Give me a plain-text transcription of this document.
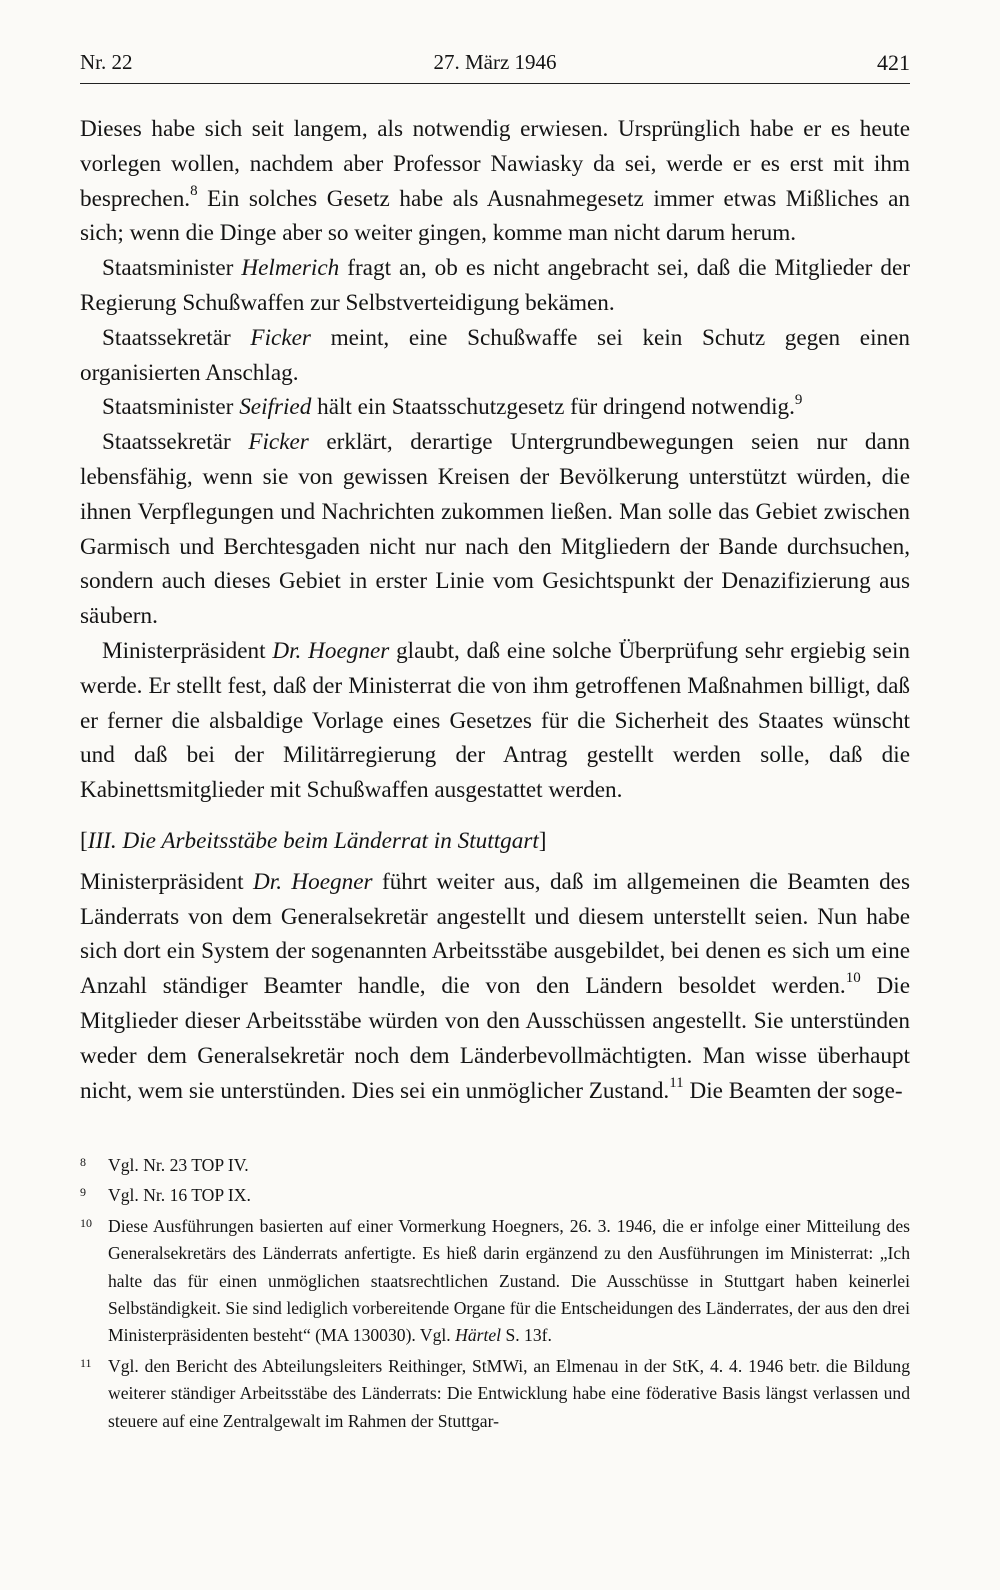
Nr. 22	27. März 1946	421

Dieses habe sich seit langem, als notwendig erwiesen. Ursprünglich habe er es heute vorlegen wollen, nachdem aber Professor Nawiasky da sei, werde er es erst mit ihm besprechen.$^8$ Ein solches Gesetz habe als Ausnahmegesetz immer etwas Mißliches an sich; wenn die Dinge aber so weiter gingen, komme man nicht darum herum.

Staatsminister Helmerich fragt an, ob es nicht angebracht sei, daß die Mitglieder der Regierung Schußwaffen zur Selbstverteidigung bekämen.

Staatssekretär Ficker meint, eine Schußwaffe sei kein Schutz gegen einen organisierten Anschlag.

Staatsminister Seifried hält ein Staatsschutzgesetz für dringend notwendig.$^9$

Staatssekretär Ficker erklärt, derartige Untergrundbewegungen seien nur dann lebensfähig, wenn sie von gewissen Kreisen der Bevölkerung unterstützt würden, die ihnen Verpflegungen und Nachrichten zukommen ließen. Man solle das Gebiet zwischen Garmisch und Berchtesgaden nicht nur nach den Mitgliedern der Bande durchsuchen, sondern auch dieses Gebiet in erster Linie vom Gesichtspunkt der Denazifizierung aus säubern.

Ministerpräsident Dr. Hoegner glaubt, daß eine solche Überprüfung sehr ergiebig sein werde. Er stellt fest, daß der Ministerrat die von ihm getroffenen Maßnahmen billigt, daß er ferner die alsbaldige Vorlage eines Gesetzes für die Sicherheit des Staates wünscht und daß bei der Militärregierung der Antrag gestellt werden solle, daß die Kabinettsmitglieder mit Schußwaffen ausgestattet werden.

[III. Die Arbeitsstäbe beim Länderrat in Stuttgart]

Ministerpräsident Dr. Hoegner führt weiter aus, daß im allgemeinen die Beamten des Länderrats von dem Generalsekretär angestellt und diesem unterstellt seien. Nun habe sich dort ein System der sogenannten Arbeitsstäbe ausgebildet, bei denen es sich um eine Anzahl ständiger Beamter handle, die von den Ländern besoldet werden.$^{10}$ Die Mitglieder dieser Arbeitsstäbe würden von den Ausschüssen angestellt. Sie unterstünden weder dem Generalsekretär noch dem Länderbevollmächtigten. Man wisse überhaupt nicht, wem sie unterstünden. Dies sei ein unmöglicher Zustand.$^{11}$ Die Beamten der soge-

8	Vgl. Nr. 23 TOP IV.
9	Vgl. Nr. 16 TOP IX.
10 Diese Ausführungen basierten auf einer Vormerkung Hoegners, 26. 3. 1946, die er infolge einer Mitteilung des Generalsekretärs des Länderrats anfertigte. Es hieß darin ergänzend zu den Ausführungen im Ministerrat: „Ich halte das für einen unmöglichen staatsrechtlichen Zustand. Die Ausschüsse in Stuttgart haben keinerlei Selbständigkeit. Sie sind lediglich vorbereitende Organe für die Entscheidungen des Länderrates, der aus den drei Ministerpräsidenten besteht“ (MA 130030). Vgl. Härtel S. 13f.
11 Vgl. den Bericht des Abteilungsleiters Reithinger, StMWi, an Elmenau in der StK, 4. 4. 1946 betr. die Bildung weiterer ständiger Arbeitsstäbe des Länderrats: Die Entwicklung habe eine föderative Basis längst verlassen und steuere auf eine Zentralgewalt im Rahmen der Stuttgar-
